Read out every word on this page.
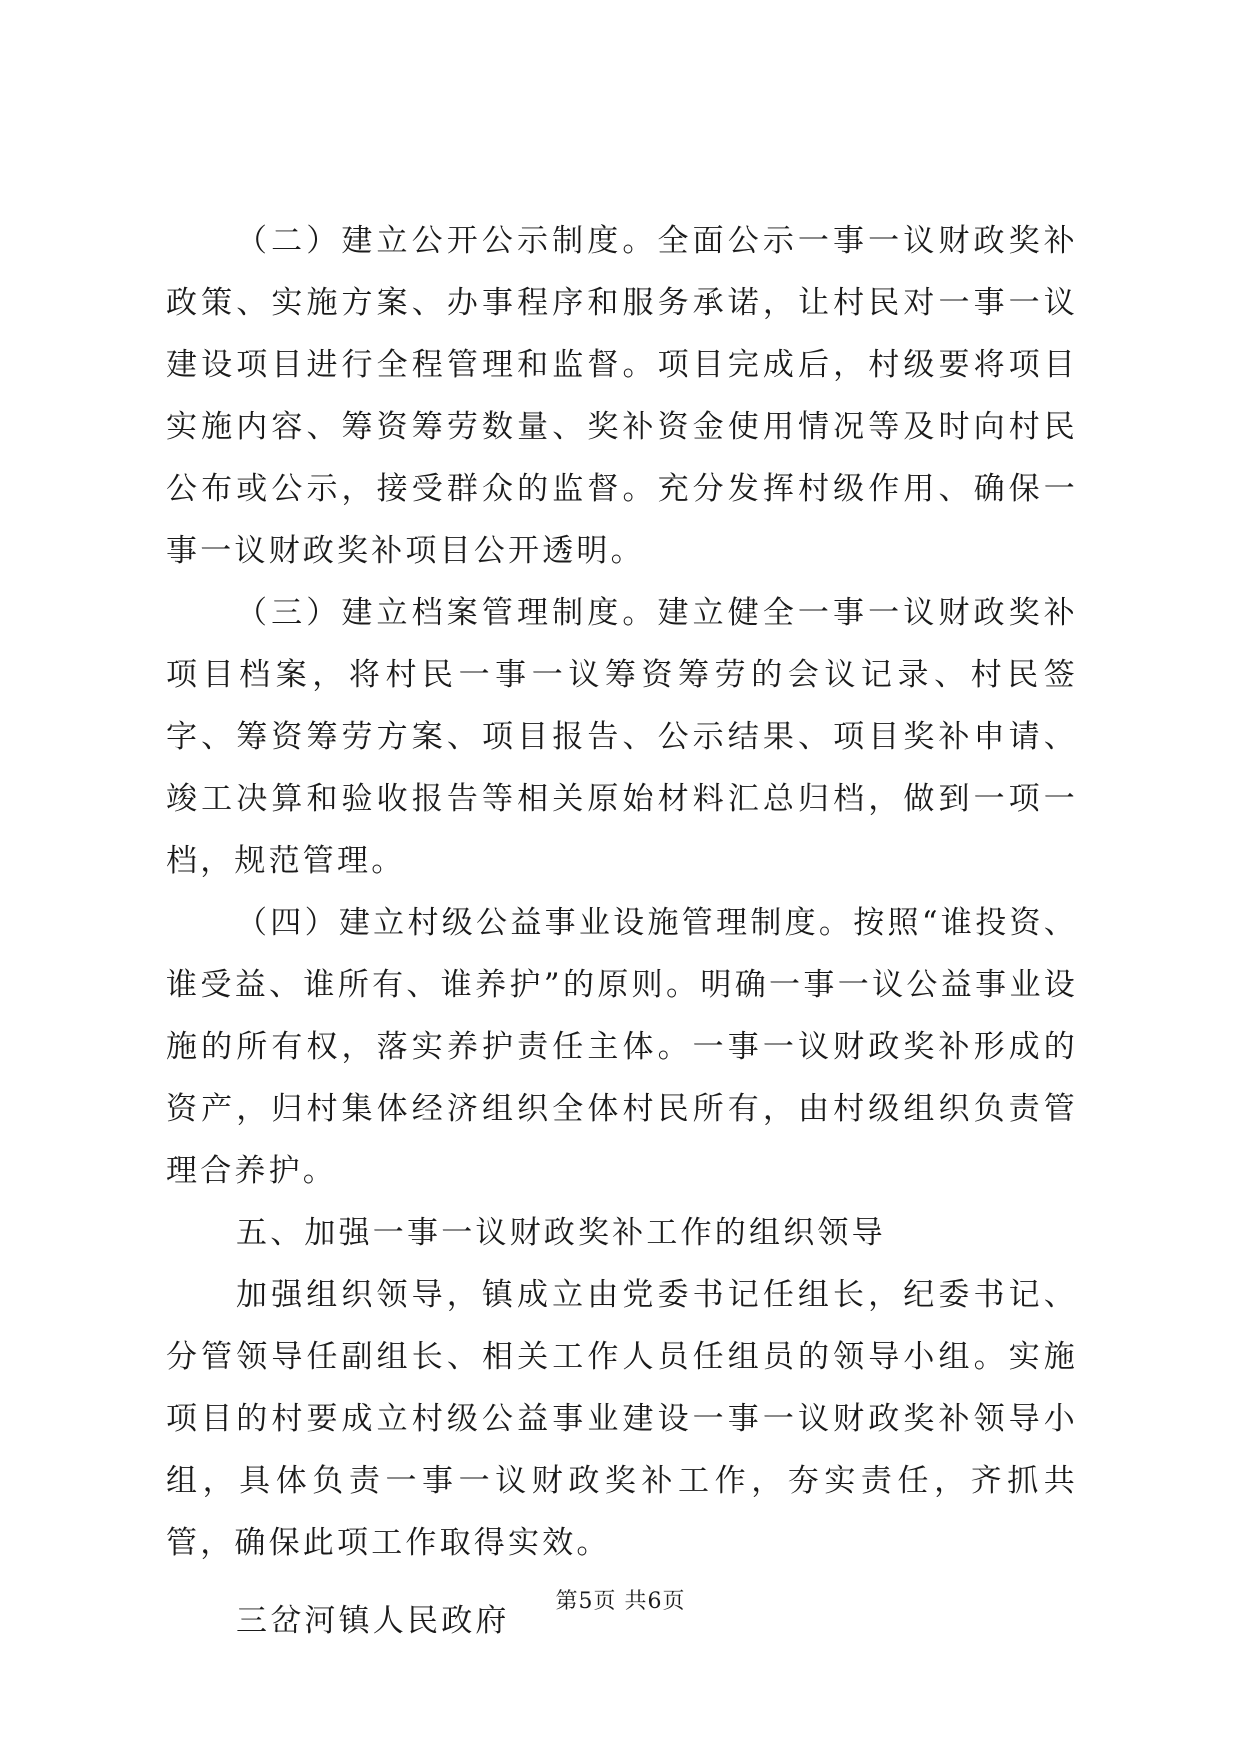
（二）建立公开公示制度。全面公示一事一议财政奖补政策、实施方案、办事程序和服务承诺，让村民对一事一议建设项目进行全程管理和监督。项目完成后，村级要将项目实施内容、筹资筹劳数量、奖补资金使用情况等及时向村民公布或公示，接受群众的监督。充分发挥村级作用、确保一事一议财政奖补项目公开透明。

（三）建立档案管理制度。建立健全一事一议财政奖补项目档案，将村民一事一议筹资筹劳的会议记录、村民签字、筹资筹劳方案、项目报告、公示结果、项目奖补申请、竣工决算和验收报告等相关原始材料汇总归档，做到一项一档，规范管理。

（四）建立村级公益事业设施管理制度。按照“谁投资、谁受益、谁所有、谁养护”的原则。明确一事一议公益事业设施的所有权，落实养护责任主体。一事一议财政奖补形成的资产，归村集体经济组织全体村民所有，由村级组织负责管理合养护。

五、加强一事一议财政奖补工作的组织领导

加强组织领导，镇成立由党委书记任组长，纪委书记、分管领导任副组长、相关工作人员任组员的领导小组。实施项目的村要成立村级公益事业建设一事一议财政奖补领导小组，具体负责一事一议财政奖补工作，夯实责任，齐抓共管，确保此项工作取得实效。

三岔河镇人民政府

第5页 共6页
